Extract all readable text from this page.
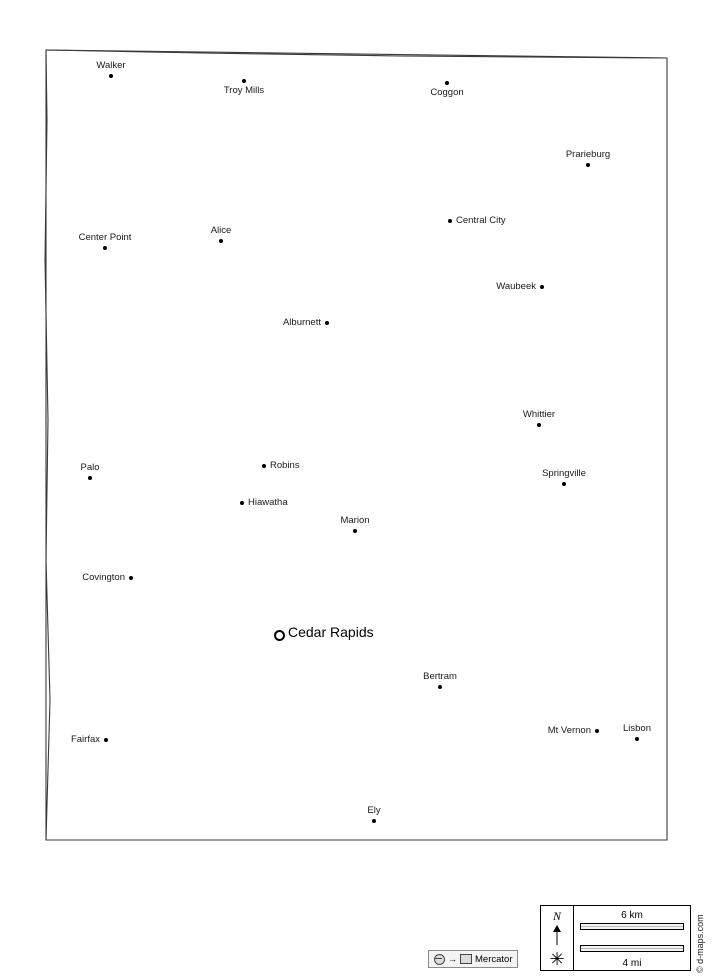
Walker
Troy Mills	Coggon
Prarieburg
Central City
Alice
Center Point
Waubeek
Alburnett
Whittier
Robins
Palo
Springville
Hiawatha
Marion
Covington
Cedar Rapids
Bertram
Mt Vernon	Lisbon
Fairfax
Ely
N
✳
6 km
4 mi
→ Mercator	© d-maps.com
